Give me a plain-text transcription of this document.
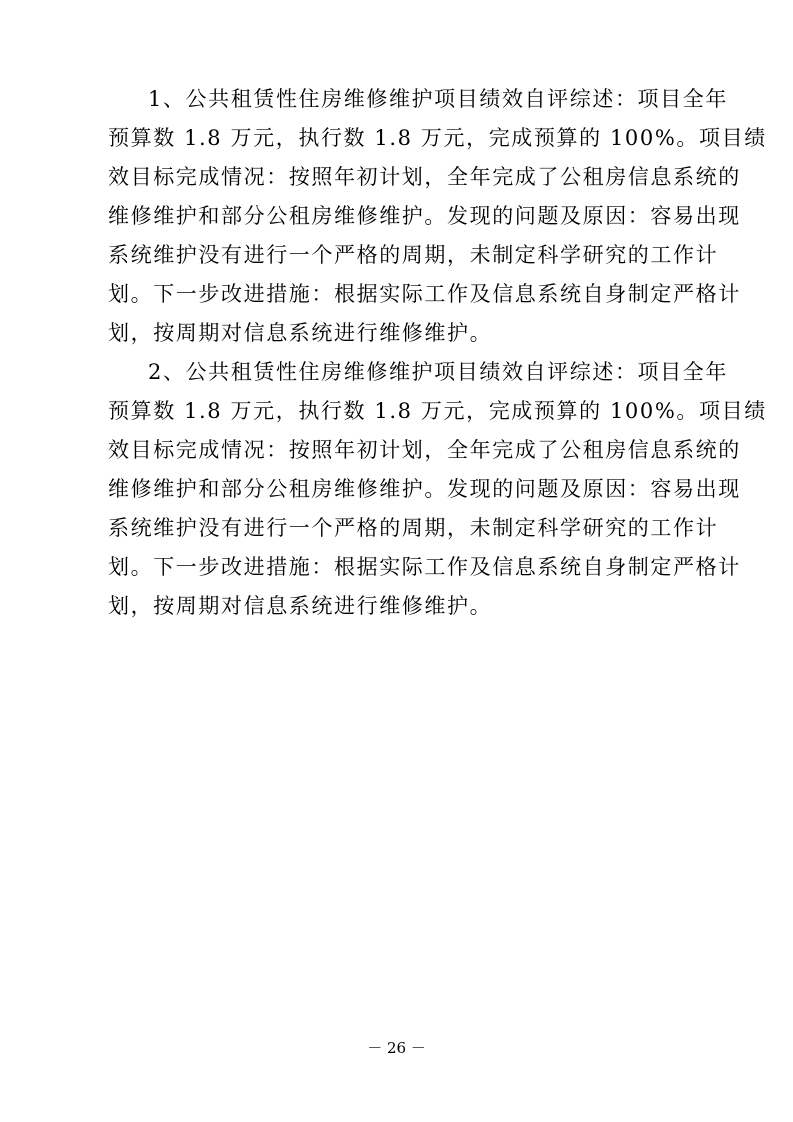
1、公共租赁性住房维修维护项目绩效自评综述：项目全年
预算数 1.8 万元，执行数 1.8 万元，完成预算的 100%。项目绩
效目标完成情况：按照年初计划，全年完成了公租房信息系统的
维修维护和部分公租房维修维护。发现的问题及原因：容易出现
系统维护没有进行一个严格的周期，未制定科学研究的工作计
划。下一步改进措施：根据实际工作及信息系统自身制定严格计
划，按周期对信息系统进行维修维护。
2、公共租赁性住房维修维护项目绩效自评综述：项目全年
预算数 1.8 万元，执行数 1.8 万元，完成预算的 100%。项目绩
效目标完成情况：按照年初计划，全年完成了公租房信息系统的
维修维护和部分公租房维修维护。发现的问题及原因：容易出现
系统维护没有进行一个严格的周期，未制定科学研究的工作计
划。下一步改进措施：根据实际工作及信息系统自身制定严格计
划，按周期对信息系统进行维修维护。
－ 26 －
